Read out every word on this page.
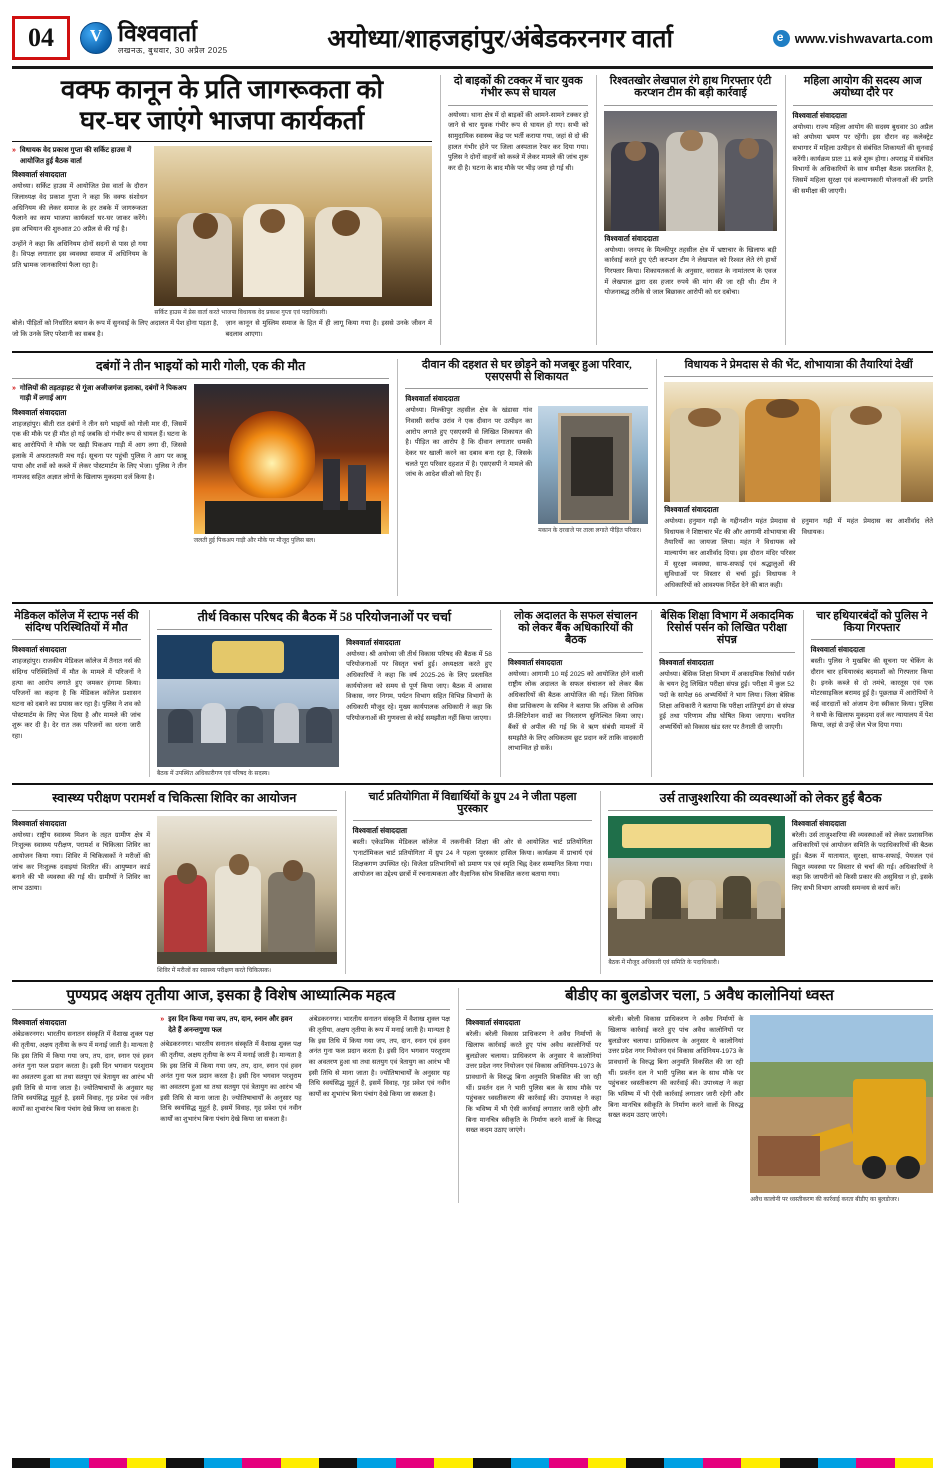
04 V	विश्ववार्ता
लखनऊ, बुधवार, 30 अप्रैल 2025	अयोध्या/शाहजहांपुर/अंबेडकरनगर वार्ता e	www.vishwavarta.com
वक्फ कानून के प्रति जागरूकता को
घर-घर जाएंगे भाजपा कार्यकर्ता
» विधायक वेद प्रकाश गुप्ता की सर्किट हाउस में आयोजित हुई बैठक वार्ता
विश्ववार्ता संवाददाता

अयोध्या। सर्किट हाउस में आयोजित प्रेस वार्ता के दौरान जिलाध्यक्ष वेद प्रकाश गुप्ता ने कहा कि वक्फ संशोधन अधिनियम की लेकर समाज के हर तबके में जागरूकता फैलाने का काम भाजपा कार्यकर्ता घर-घर जाकर करेंगे। इस अभियान की शुरुआत 20 अप्रैल से की गई है।

उन्होंने ने कहा कि अधिनियम दोनों सदनों से पास हो गया है। विपक्ष लगातार इस व्यवस्था समाज में अधिनियम के प्रति भ्रामक जानकारियां फैला रहा है।

सर्किट हाउस में प्रेस वार्ता करते भाजपा विधायक वेद प्रकाश गुप्ता एवं पदाधिकारी।

बोले। पीड़ितों को निर्धारित बयान के रूप में सुनवाई के लिए अदालत में पेश होना पड़ता है, जो कि उनके लिए परेशानी का सबब है।

ज़ान कानून से मुस्लिम समाज के हित में ही लागू किया गया है। इससे उनके जीवन में बदलाव आएगा।

दो बाइकों की टक्कर में चार युवक गंभीर रूप से घायल

अयोध्या। थाना क्षेत्र में दो बाइकों की आमने-सामने टक्कर हो जाने से चार युवक गंभीर रूप से घायल हो गए। सभी को सामुदायिक स्वास्थ्य केंद्र पर भर्ती कराया गया, जहां से दो की हालत गंभीर होने पर जिला अस्पताल रेफर कर दिया गया। पुलिस ने दोनों वाहनों को कब्जे में लेकर मामले की जांच शुरू कर दी है। घटना के बाद मौके पर भीड़ जमा हो गई थी।

रिश्वतखोर लेखपाल रंगे हाथ गिरफ्तार एंटी करप्शन टीम की बड़ी कार्रवाई
विश्ववार्ता संवाददाता

अयोध्या। जनपद के मिल्कीपुर तहसील क्षेत्र में भ्रष्टाचार के खिलाफ बड़ी कार्रवाई करते हुए एंटी करप्शन टीम ने लेखपाल को रिश्वत लेते रंगे हाथों गिरफ्तार किया। शिकायतकर्ता के अनुसार, वरासत के नामांतरण के एवज में लेखपाल द्वारा दस हजार रुपये की मांग की जा रही थी। टीम ने योजनाबद्ध तरीके से जाल बिछाकर आरोपी को धर दबोचा।

महिला आयोग की सदस्य आज अयोध्या दौरे पर
विश्ववार्ता संवाददाता

अयोध्या। राज्य महिला आयोग की सदस्य बुधवार 30 अप्रैल को अयोध्या भ्रमण पर रहेंगी। इस दौरान वह कलेक्ट्रेट सभागार में महिला उत्पीड़न से संबंधित शिकायतों की सुनवाई करेंगी। कार्यक्रम प्रातः 11 बजे शुरू होगा। अपराह्न में संबंधित विभागों के अधिकारियों के साथ समीक्षा बैठक प्रस्तावित है, जिसमें महिला सुरक्षा एवं कल्याणकारी योजनाओं की प्रगति की समीक्षा की जाएगी।

दबंगों ने तीन भाइयों को मारी गोली, एक की मौत
» गोलियों की तड़तड़ाहट से गूंजा अजीजगंज इलाका, दबंगों ने पिकअप गाड़ी में लगाई आग
विश्ववार्ता संवाददाता

शाहजहांपुर। बीती रात दबंगों ने तीन सगे भाइयों को गोली मार दी, जिसमें एक की मौके पर ही मौत हो गई जबकि दो गंभीर रूप से घायल हैं। घटना के बाद आरोपियों ने मौके पर खड़ी पिकअप गाड़ी में आग लगा दी, जिससे इलाके में अफरातफरी मच गई। सूचना पर पहुंची पुलिस ने आग पर काबू पाया और शवों को कब्जे में लेकर पोस्टमार्टम के लिए भेजा। पुलिस ने तीन नामजद सहित अज्ञात लोगों के खिलाफ मुकदमा दर्ज किया है।

जलती हुई पिकअप गाड़ी और मौके पर मौजूद पुलिस बल।
दीवान की दहशत से घर छोड़ने को मजबूर हुआ परिवार, एसएसपी से शिकायत
विश्ववार्ता संवाददाता

अयोध्या। मिल्कीपुर तहसील क्षेत्र के खंडासा गांव निवासी सर्राफ उरांव ने एक दीवान पर उत्पीड़न का आरोप लगाते हुए एसएसपी से लिखित शिकायत की है। पीड़ित का आरोप है कि दीवान लगातार धमकी देकर घर खाली करने का दबाव बना रहा है, जिसके चलते पूरा परिवार दहशत में है। एसएसपी ने मामले की जांच के आदेश सीओ को दिए हैं।

मकान के दरवाजे पर ताला लगाते पीड़ित परिवार।
विधायक ने प्रेमदास से की भेंट, शोभायात्रा की तैयारियां देखीं
विश्ववार्ता संवाददाता

अयोध्या। हनुमान गढ़ी के गद्दीनशीन महंत प्रेमदास से विधायक ने शिष्टाचार भेंट की और आगामी शोभायात्रा की तैयारियों का जायजा लिया। महंत ने विधायक को माल्यार्पण कर आशीर्वाद दिया। इस दौरान मंदिर परिसर में सुरक्षा व्यवस्था, साफ-सफाई एवं श्रद्धालुओं की सुविधाओं पर विस्तार से चर्चा हुई। विधायक ने अधिकारियों को आवश्यक निर्देश देने की बात कही।

हनुमान गढ़ी में महंत प्रेमदास का आशीर्वाद लेते विधायक।

मेडिकल कॉलेज में स्टाफ नर्स की संदिग्ध परिस्थितियों में मौत
विश्ववार्ता संवाददाता

शाहजहांपुर। राजकीय मेडिकल कॉलेज में तैनात नर्स की संदिग्ध परिस्थितियों में मौत के मामले में परिजनों ने हत्या का आरोप लगाते हुए जमकर हंगामा किया। परिजनों का कहना है कि मेडिकल कॉलेज प्रशासन घटना को दबाने का प्रयास कर रहा है। पुलिस ने शव को पोस्टमार्टम के लिए भेज दिया है और मामले की जांच शुरू कर दी है। देर रात तक परिजनों का धरना जारी रहा।

तीर्थ विकास परिषद की बैठक में 58 परियोजनाओं पर चर्चा
बैठक में उपस्थित अधिकारीगण एवं परिषद के सदस्य।
विश्ववार्ता संवाददाता

अयोध्या। श्री अयोध्या जी तीर्थ विकास परिषद की बैठक में 58 परियोजनाओं पर विस्तृत चर्चा हुई। अध्यक्षता करते हुए अधिकारियों ने कहा कि वर्ष 2025-26 के लिए प्रस्तावित कार्ययोजना को समय से पूर्ण किया जाए। बैठक में आवास विकास, नगर निगम, पर्यटन विभाग सहित विभिन्न विभागों के अधिकारी मौजूद रहे। मुख्य कार्यपालक अधिकारी ने कहा कि परियोजनाओं की गुणवत्ता से कोई समझौता नहीं किया जाएगा।

लोक अदालत के सफल संचालन को लेकर बैंक अधिकारियों की बैठक
विश्ववार्ता संवाददाता

अयोध्या। आगामी 10 मई 2025 को आयोजित होने वाली राष्ट्रीय लोक अदालत के सफल संचालन को लेकर बैंक अधिकारियों की बैठक आयोजित की गई। जिला विधिक सेवा प्राधिकरण के सचिव ने बताया कि अधिक से अधिक प्री-लिटिगेशन वादों का निस्तारण सुनिश्चित किया जाए। बैंकों से अपील की गई कि वे ऋण संबंधी मामलों में समझौते के लिए अधिकतम छूट प्रदान करें ताकि वादकारी लाभान्वित हो सकें।

बेसिक शिक्षा विभाग में अकादमिक रिसोर्स पर्सन को लिखित परीक्षा संपन्न
विश्ववार्ता संवाददाता

अयोध्या। बेसिक शिक्षा विभाग में अकादमिक रिसोर्स पर्सन के चयन हेतु लिखित परीक्षा संपन्न हुई। परीक्षा में कुल 52 पदों के सापेक्ष 66 अभ्यर्थियों ने भाग लिया। जिला बेसिक शिक्षा अधिकारी ने बताया कि परीक्षा शांतिपूर्ण ढंग से संपन्न हुई तथा परिणाम शीघ्र घोषित किया जाएगा। चयनित अभ्यर्थियों को विकास खंड स्तर पर तैनाती दी जाएगी।

चार हथियारबंदों को पुलिस ने किया गिरफ्तार
विश्ववार्ता संवाददाता

बस्ती। पुलिस ने मुखबिर की सूचना पर चेकिंग के दौरान चार हथियारबंद बदमाशों को गिरफ्तार किया है। इनके कब्जे से दो तमंचे, कारतूस एवं एक मोटरसाइकिल बरामद हुई है। पूछताछ में आरोपियों ने कई वारदातों को अंजाम देना स्वीकार किया। पुलिस ने सभी के खिलाफ मुकदमा दर्ज कर न्यायालय में पेश किया, जहां से उन्हें जेल भेज दिया गया।

स्वास्थ्य परीक्षण परामर्श व चिकित्सा शिविर का आयोजन
विश्ववार्ता संवाददाता

अयोध्या। राष्ट्रीय स्वास्थ्य मिशन के तहत ग्रामीण क्षेत्र में निःशुल्क स्वास्थ्य परीक्षण, परामर्श व चिकित्सा शिविर का आयोजन किया गया। शिविर में चिकित्सकों ने मरीजों की जांच कर निःशुल्क दवाइयां वितरित कीं। आयुष्मान कार्ड बनाने की भी व्यवस्था की गई थी। ग्रामीणों ने शिविर का लाभ उठाया।

शिविर में मरीजों का स्वास्थ्य परीक्षण करते चिकित्सक।
चार्ट प्रतियोगिता में विद्यार्थियों के ग्रुप 24 ने जीता पहला पुरस्कार
विश्ववार्ता संवाददाता

बस्ती। एकेडमिक मेडिकल कॉलेज में तकनीकी शिक्षा की ओर से आयोजित चार्ट प्रतियोगिता 'एनाटॉमिकल चार्ट प्रतियोगिता' में ग्रुप 24 ने पहला पुरस्कार हासिल किया। कार्यक्रम में प्राचार्य एवं शिक्षकगण उपस्थित रहे। विजेता प्रतिभागियों को प्रमाण पत्र एवं स्मृति चिह्न देकर सम्मानित किया गया। आयोजन का उद्देश्य छात्रों में रचनात्मकता और वैज्ञानिक सोच विकसित करना बताया गया।

उर्स ताजुश्शरिया की व्यवस्थाओं को लेकर हुई बैठक
बैठक में मौजूद अधिकारी एवं समिति के पदाधिकारी।
विश्ववार्ता संवाददाता

बरेली। उर्स ताजुश्शरिया की व्यवस्थाओं को लेकर प्रशासनिक अधिकारियों एवं आयोजन समिति के पदाधिकारियों की बैठक हुई। बैठक में यातायात, सुरक्षा, साफ-सफाई, पेयजल एवं विद्युत व्यवस्था पर विस्तार से चर्चा की गई। अधिकारियों ने कहा कि जायरीनों को किसी प्रकार की असुविधा न हो, इसके लिए सभी विभाग आपसी समन्वय से कार्य करें।

पुण्यप्रद अक्षय तृतीया आज, इसका है विशेष आध्यात्मिक महत्व
विश्ववार्ता संवाददाता

अंबेडकरनगर। भारतीय सनातन संस्कृति में वैशाख शुक्ल पक्ष की तृतीया, अक्षय तृतीया के रूप में मनाई जाती है। मान्यता है कि इस तिथि में किया गया जप, तप, दान, स्नान एवं हवन अनंत गुना फल प्रदान करता है। इसी दिन भगवान परशुराम का अवतरण हुआ था तथा सतयुग एवं त्रेतायुग का आरंभ भी इसी तिथि से माना जाता है। ज्योतिषाचार्यों के अनुसार यह तिथि स्वयंसिद्ध मुहूर्त है, इसमें विवाह, गृह प्रवेश एवं नवीन कार्यों का शुभारंभ बिना पंचांग देखे किया जा सकता है।

» इस दिन किया गया जप, तप, दान, स्नान और हवन देते हैं अनन्तगुणा फल

अंबेडकरनगर। भारतीय सनातन संस्कृति में वैशाख शुक्ल पक्ष की तृतीया, अक्षय तृतीया के रूप में मनाई जाती है। मान्यता है कि इस तिथि में किया गया जप, तप, दान, स्नान एवं हवन अनंत गुना फल प्रदान करता है। इसी दिन भगवान परशुराम का अवतरण हुआ था तथा सतयुग एवं त्रेतायुग का आरंभ भी इसी तिथि से माना जाता है। ज्योतिषाचार्यों के अनुसार यह तिथि स्वयंसिद्ध मुहूर्त है, इसमें विवाह, गृह प्रवेश एवं नवीन कार्यों का शुभारंभ बिना पंचांग देखे किया जा सकता है।

अंबेडकरनगर। भारतीय सनातन संस्कृति में वैशाख शुक्ल पक्ष की तृतीया, अक्षय तृतीया के रूप में मनाई जाती है। मान्यता है कि इस तिथि में किया गया जप, तप, दान, स्नान एवं हवन अनंत गुना फल प्रदान करता है। इसी दिन भगवान परशुराम का अवतरण हुआ था तथा सतयुग एवं त्रेतायुग का आरंभ भी इसी तिथि से माना जाता है। ज्योतिषाचार्यों के अनुसार यह तिथि स्वयंसिद्ध मुहूर्त है, इसमें विवाह, गृह प्रवेश एवं नवीन कार्यों का शुभारंभ बिना पंचांग देखे किया जा सकता है।

बीडीए का बुलडोजर चला, 5 अवैध कालोनियां ध्वस्त
विश्ववार्ता संवाददाता

बरेली। बरेली विकास प्राधिकरण ने अवैध निर्माणों के खिलाफ कार्रवाई करते हुए पांच अवैध कालोनियों पर बुलडोजर चलाया। प्राधिकरण के अनुसार ये कालोनियां उत्तर प्रदेश नगर नियोजन एवं विकास अधिनियम-1973 के प्रावधानों के विरुद्ध बिना अनुमति विकसित की जा रही थीं। प्रवर्तन दल ने भारी पुलिस बल के साथ मौके पर पहुंचकर ध्वस्तीकरण की कार्रवाई की। उपाध्यक्ष ने कहा कि भविष्य में भी ऐसी कार्रवाई लगातार जारी रहेगी और बिना मानचित्र स्वीकृति के निर्माण करने वालों के विरुद्ध सख्त कदम उठाए जाएंगे।

बरेली। बरेली विकास प्राधिकरण ने अवैध निर्माणों के खिलाफ कार्रवाई करते हुए पांच अवैध कालोनियों पर बुलडोजर चलाया। प्राधिकरण के अनुसार ये कालोनियां उत्तर प्रदेश नगर नियोजन एवं विकास अधिनियम-1973 के प्रावधानों के विरुद्ध बिना अनुमति विकसित की जा रही थीं। प्रवर्तन दल ने भारी पुलिस बल के साथ मौके पर पहुंचकर ध्वस्तीकरण की कार्रवाई की। उपाध्यक्ष ने कहा कि भविष्य में भी ऐसी कार्रवाई लगातार जारी रहेगी और बिना मानचित्र स्वीकृति के निर्माण करने वालों के विरुद्ध सख्त कदम उठाए जाएंगे।

अवैध कालोनी पर ध्वस्तीकरण की कार्रवाई करता बीडीए का बुलडोजर।
